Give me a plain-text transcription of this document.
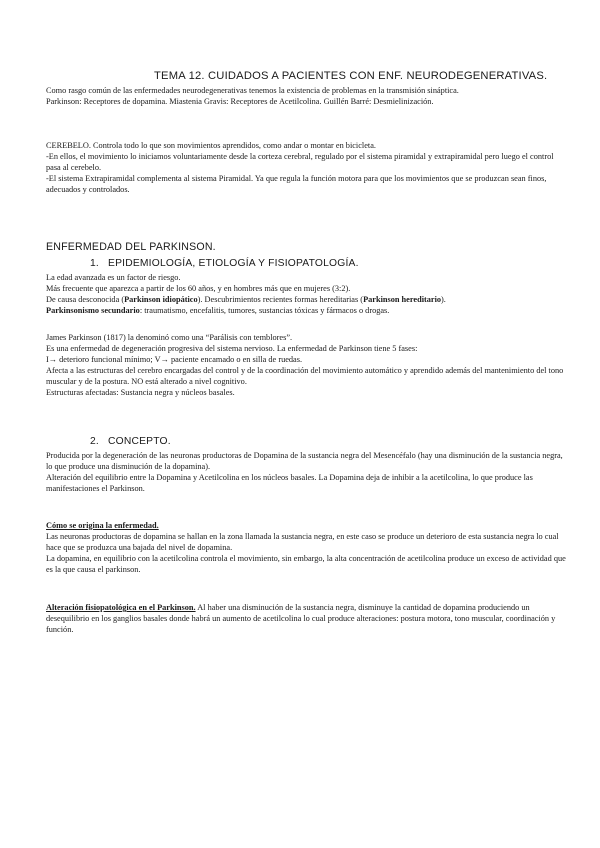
TEMA 12. CUIDADOS A PACIENTES CON ENF. NEURODEGENERATIVAS.

Como rasgo común de las enfermedades neurodegenerativas tenemos la existencia de problemas en la transmisión sináptica.

Parkinson: Receptores de dopamina. Miastenia Gravis: Receptores de Acetilcolina. Guillén Barré: Desmielinización.

CEREBELO. Controla todo lo que son movimientos aprendidos, como andar o montar en bicicleta.

-En ellos, el movimiento lo iniciamos voluntariamente desde la corteza cerebral, regulado por el sistema piramidal y extrapiramidal pero luego el control pasa al cerebelo.

-El sistema Extrapiramidal complementa al sistema Piramidal. Ya que regula la función motora para que los movimientos que se produzcan sean finos, adecuados y controlados.

ENFERMEDAD DEL PARKINSON.
1. EPIDEMIOLOGÍA, ETIOLOGÍA Y FISIOPATOLOGÍA.

La edad avanzada es un factor de riesgo.

Más frecuente que aparezca a partir de los 60 años, y en hombres más que en mujeres (3:2).

De causa desconocida (Parkinson idiopático). Descubrimientos recientes formas hereditarias (Parkinson hereditario).

Parkinsonismo secundario: traumatismo, encefalitis, tumores, sustancias tóxicas y fármacos o drogas.

James Parkinson (1817) la denominó como una “Parálisis con temblores”.

Es una enfermedad de degeneración progresiva del sistema nervioso. La enfermedad de Parkinson tiene 5 fases:

I→ deterioro funcional mínimo; V→ paciente encamado o en silla de ruedas.

Afecta a las estructuras del cerebro encargadas del control y de la coordinación del movimiento automático y aprendido además del mantenimiento del tono muscular y de la postura. NO está alterado a nivel cognitivo.

Estructuras afectadas: Sustancia negra y núcleos basales.

2. CONCEPTO.

Producida por la degeneración de las neuronas productoras de Dopamina de la sustancia negra del Mesencéfalo (hay una disminución de la sustancia negra, lo que produce una disminución de la dopamina).

Alteración del equilibrio entre la Dopamina y Acetilcolina en los núcleos basales. La Dopamina deja de inhibir a la acetilcolina, lo que produce las manifestaciones el Parkinson.

Cómo se origina la enfermedad.

Las neuronas productoras de dopamina se hallan en la zona llamada la sustancia negra, en este caso se produce un deterioro de esta sustancia negra lo cual hace que se produzca una bajada del nivel de dopamina.

La dopamina, en equilibrio con la acetilcolina controla el movimiento, sin embargo, la alta concentración de acetilcolina produce un exceso de actividad que es la que causa el parkinson.

Alteración fisiopatológica en el Parkinson. Al haber una disminución de la sustancia negra, disminuye la cantidad de dopamina produciendo un desequilibrio en los ganglios basales donde habrá un aumento de acetilcolina lo cual produce alteraciones: postura motora, tono muscular, coordinación y función.
